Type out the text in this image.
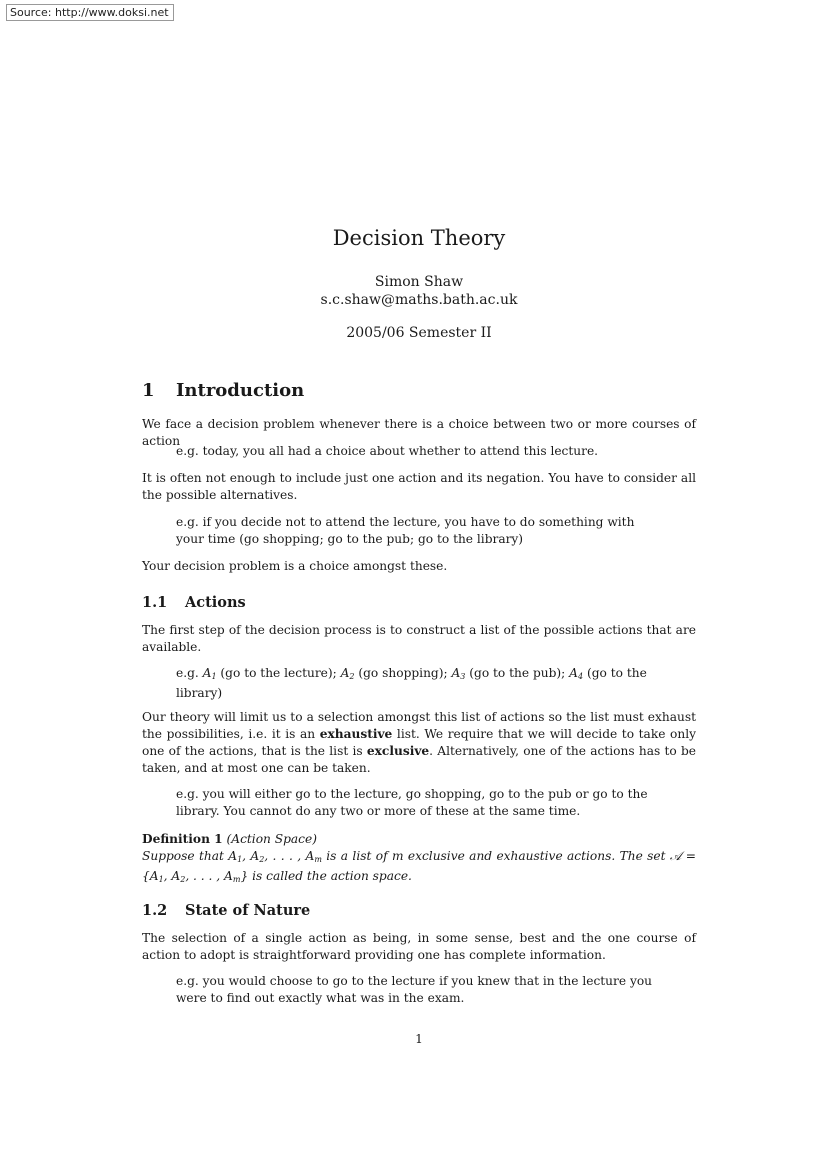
Source: http://www.doksi.net
Decision Theory
Simon Shaw
s.c.shaw@maths.bath.ac.uk
2005/06 Semester II
1 Introduction
We face a decision problem whenever there is a choice between two or more courses of action
e.g. today, you all had a choice about whether to attend this lecture.
It is often not enough to include just one action and its negation. You have to consider all the possible alternatives.
e.g. if you decide not to attend the lecture, you have to do something with your time (go shopping; go to the pub; go to the library)
Your decision problem is a choice amongst these.
1.1 Actions
The first step of the decision process is to construct a list of the possible actions that are available.
e.g. $A_1$ (go to the lecture); $A_2$ (go shopping); $A_3$ (go to the pub); $A_4$ (go to the library)
Our theory will limit us to a selection amongst this list of actions so the list must exhaust the possibilities, i.e. it is an exhaustive list. We require that we will decide to take only one of the actions, that is the list is exclusive. Alternatively, one of the actions has to be taken, and at most one can be taken.
e.g. you will either go to the lecture, go shopping, go to the pub or go to the library. You cannot do any two or more of these at the same time.
Definition 1 (Action Space)
Suppose that $A_1$, $A_2$, . . . , $A_m$ is a list of m exclusive and exhaustive actions. The set 𝒜 = {$A_1$, $A_2$, . . . , $A_m$} is called the action space.
1.2 State of Nature
The selection of a single action as being, in some sense, best and the one course of action to adopt is straightforward providing one has complete information.
e.g. you would choose to go to the lecture if you knew that in the lecture you were to find out exactly what was in the exam.
1
